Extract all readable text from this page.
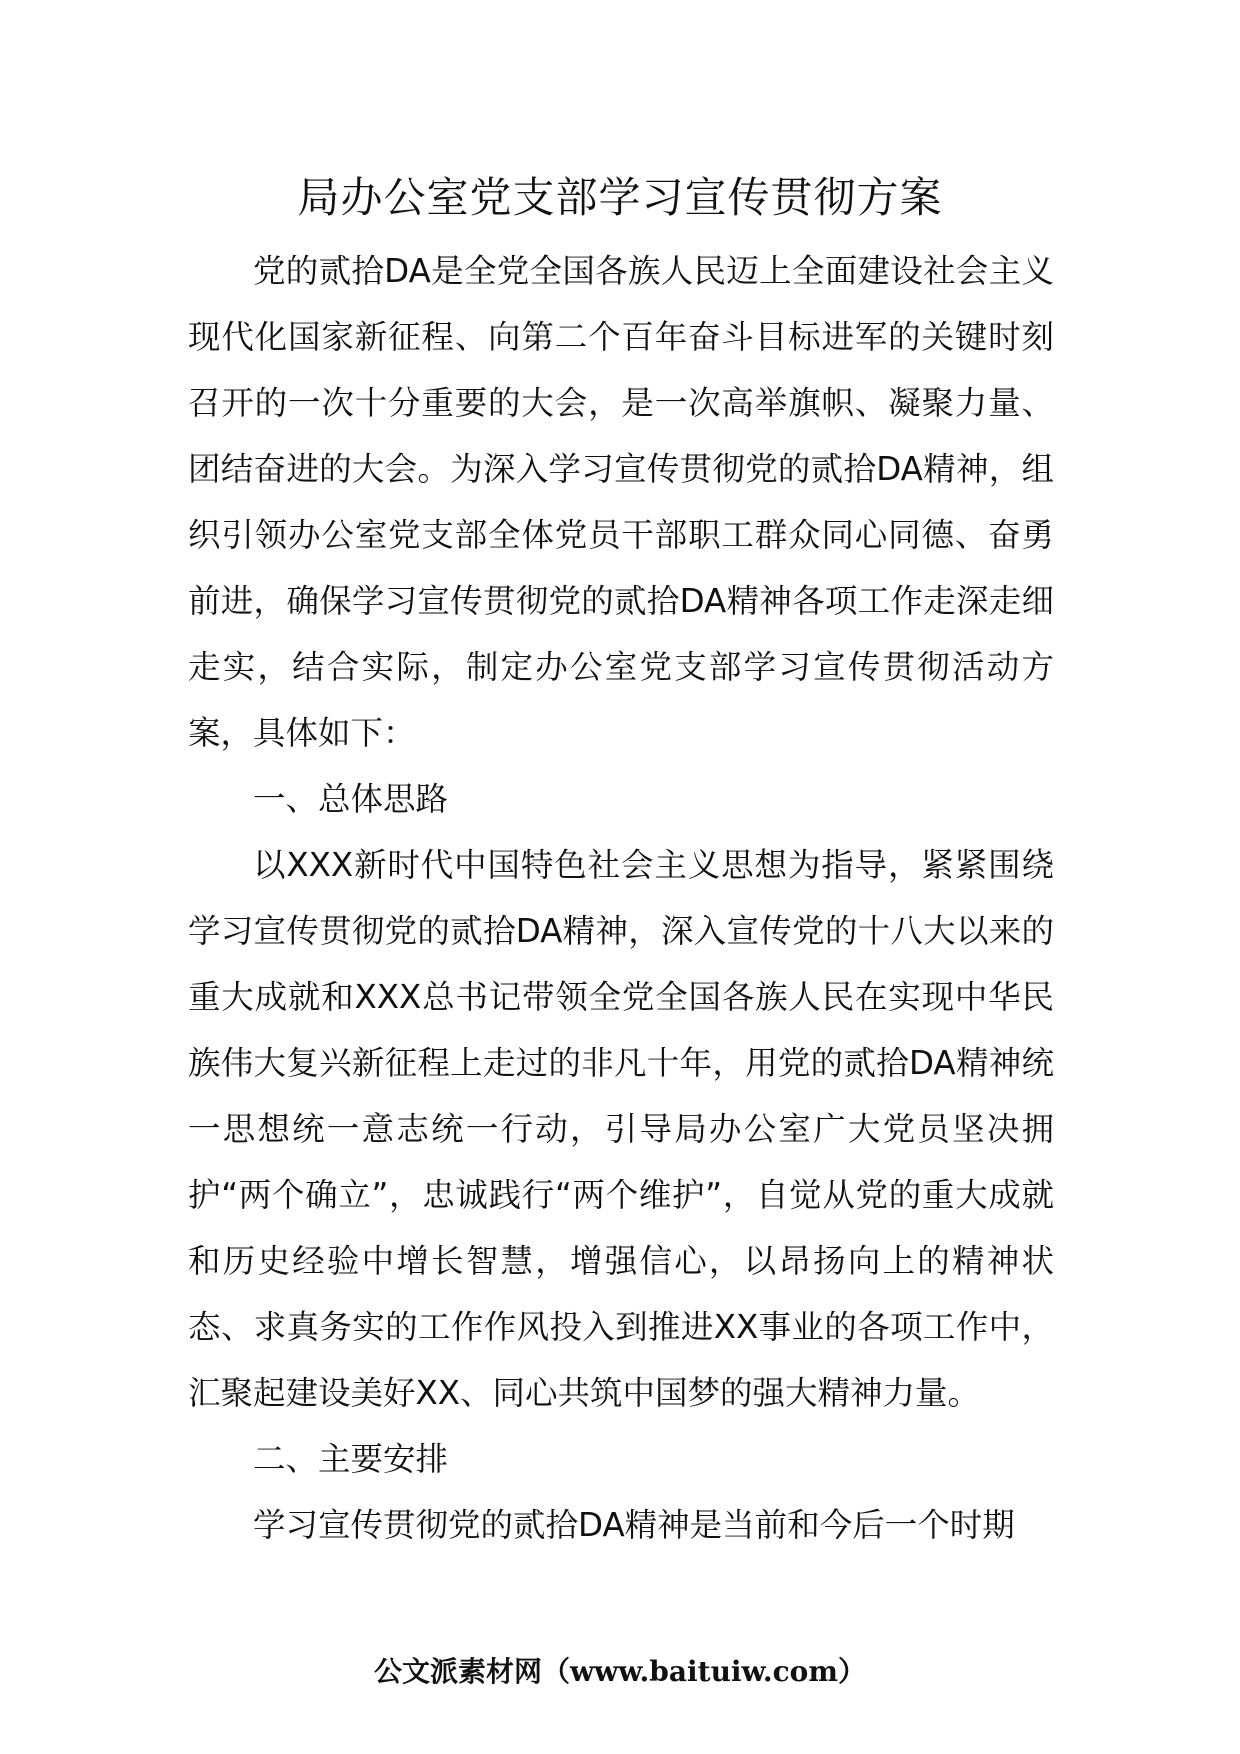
局办公室党支部学习宣传贯彻方案

党的贰拾DA是全党全国各族人民迈上全面建设社会主义现代化国家新征程、向第二个百年奋斗目标进军的关键时刻召开的一次十分重要的大会，是一次高举旗帜、凝聚力量、团结奋进的大会。为深入学习宣传贯彻党的贰拾DA精神，组织引领办公室党支部全体党员干部职工群众同心同德、奋勇前进，确保学习宣传贯彻党的贰拾DA精神各项工作走深走细走实，结合实际，制定办公室党支部学习宣传贯彻活动方案，具体如下：

一、总体思路

以XXX新时代中国特色社会主义思想为指导，紧紧围绕学习宣传贯彻党的贰拾DA精神，深入宣传党的十八大以来的重大成就和XXX总书记带领全党全国各族人民在实现中华民族伟大复兴新征程上走过的非凡十年，用党的贰拾DA精神统一思想统一意志统一行动，引导局办公室广大党员坚决拥护“两个确立”，忠诚践行“两个维护”，自觉从党的重大成就和历史经验中增长智慧，增强信心，以昂扬向上的精神状态、求真务实的工作作风投入到推进XX事业的各项工作中，汇聚起建设美好XX、同心共筑中国梦的强大精神力量。

二、主要安排

学习宣传贯彻党的贰拾DA精神是当前和今后一个时期

公文派素材网（www.baituiw.com）
